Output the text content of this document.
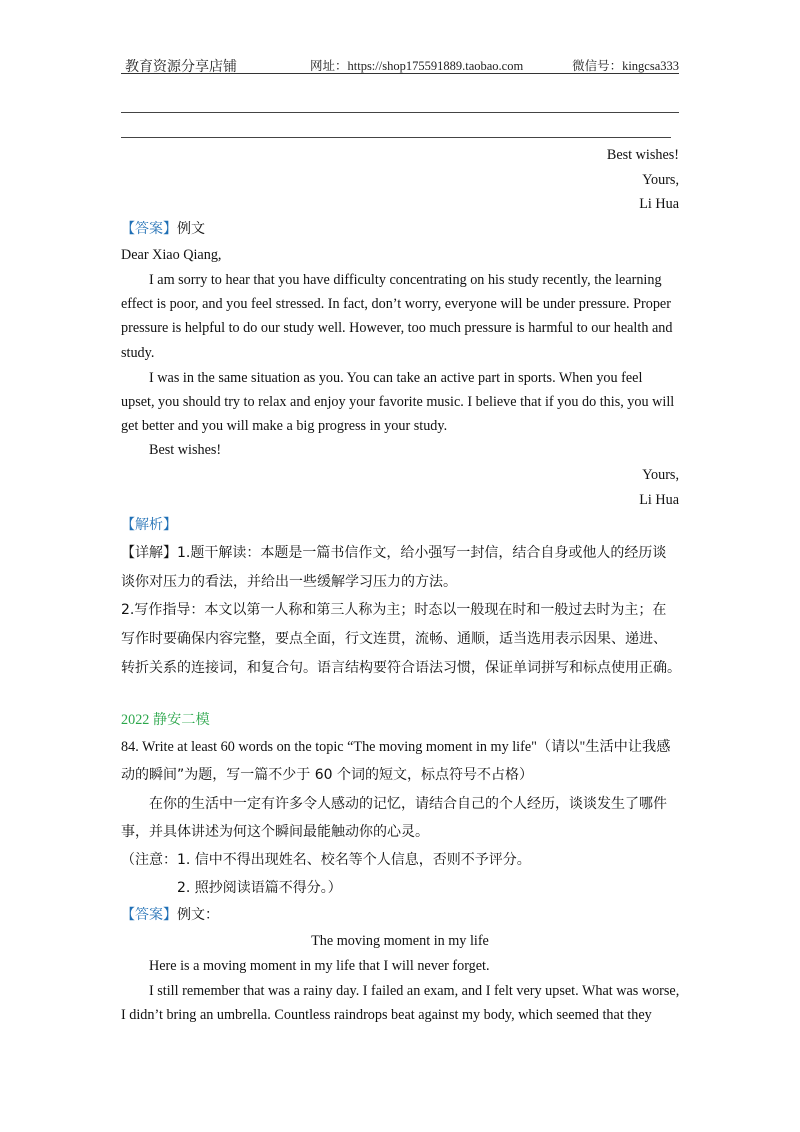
教育资源分享店铺	网址：https://shop175591889.taobao.com	微信号：kingcsa333
Best wishes!
Yours,
Li Hua
【答案】例文
Dear Xiao Qiang,
I am sorry to hear that you have difficulty concentrating on his study recently, the learning
effect is poor, and you feel stressed. In fact, don’t worry, everyone will be under pressure. Proper
pressure is helpful to do our study well. However, too much pressure is harmful to our health and
study.
I was in the same situation as you. You can take an active part in sports. When you feel
upset, you should try to relax and enjoy your favorite music. I believe that if you do this, you will
get better and you will make a big progress in your study.
Best wishes!
Yours,
Li Hua
【解析】
【详解】1.题干解读：本题是一篇书信作文，给小强写一封信，结合自身或他人的经历谈
谈你对压力的看法，并给出一些缓解学习压力的方法。
2.写作指导：本文以第一人称和第三人称为主；时态以一般现在时和一般过去时为主；在
写作时要确保内容完整，要点全面，行文连贯，流畅、通顺，适当选用表示因果、递进、
转折关系的连接词，和复合句。语言结构要符合语法习惯，保证单词拼写和标点使用正确。
2022 静安二模
84. Write at least 60 words on the topic “The moving moment in my life"（请以"生活中让我感
动的瞬间”为题，写一篇不少于 60 个词的短文，标点符号不占格）
在你的生活中一定有许多令人感动的记忆，请结合自己的个人经历，谈谈发生了哪件
事，并具体讲述为何这个瞬间最能触动你的心灵。
（注意：1. 信中不得出现姓名、校名等个人信息，否则不予评分。
2. 照抄阅读语篇不得分。）
【答案】例文：
The moving moment in my life
Here is a moving moment in my life that I will never forget.
I still remember that was a rainy day. I failed an exam, and I felt very upset. What was worse,
I didn’t bring an umbrella. Countless raindrops beat against my body, which seemed that they
